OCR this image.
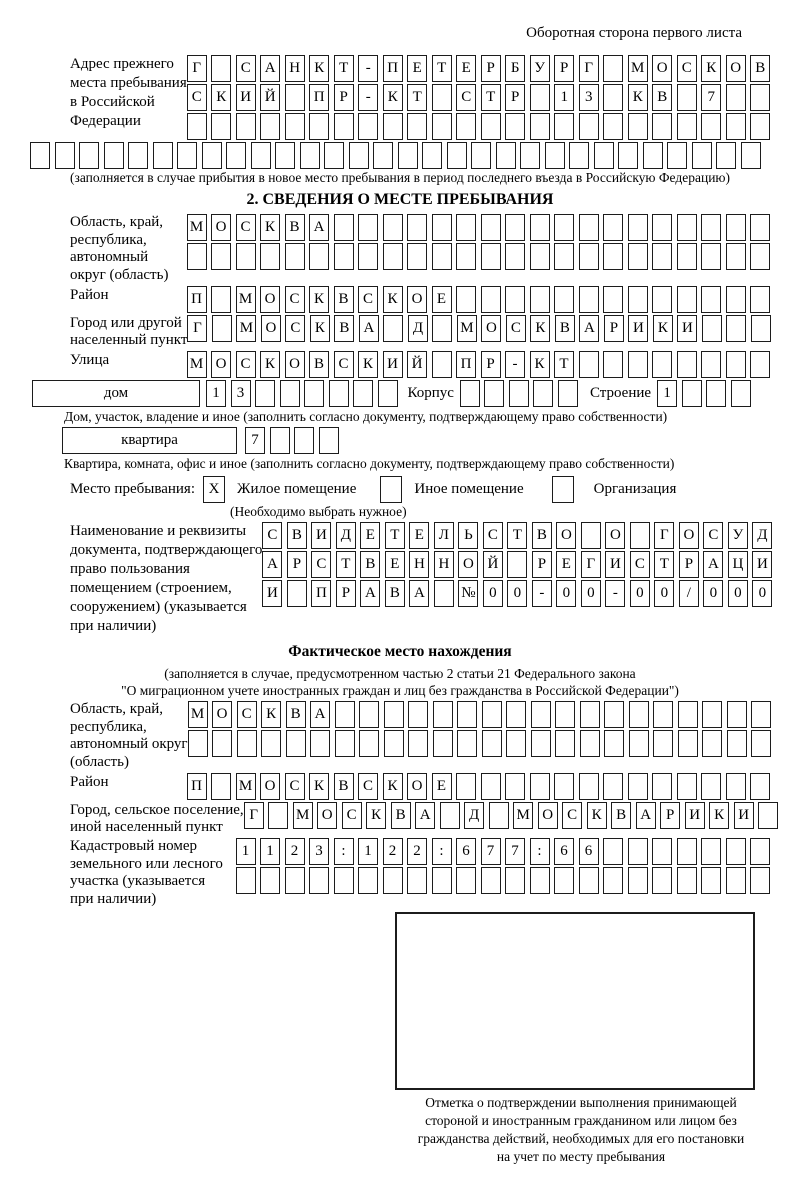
Оборотная сторона первого листа
Адрес прежнего
места пребывания
в Российской
Федерации
Г	С А Н К Т	-	П Е	Т	Е	Р	Б У	Р	Г	М О С К О В
С К И Й	П Р	-	К Т	С Т	Р	1	3	К В	7
(заполняется в случае прибытия в новое место пребывания в период последнего въезда в Российскую Федерацию)
2. СВЕДЕНИЯ О МЕСТЕ ПРЕБЫВАНИЯ
Область, край,
республика,
автономный
округ (область)
М О С К В А
Район	П	М О С К В С К О Е
Город или другой
населенный пункт
Г	М О С К В А	Д	М О С К В А Р И К И
Улица	М О С К О В С К И Й	П Р	-	К Т
дом	1	3	Корпус	Строение 1
Дом, участок, владение и иное (заполнить согласно документу, подтверждающему право собственности)
квартира	7
Квартира, комната, офис и иное (заполнить согласно документу, подтверждающему право собственности)
Место пребывания: X	Жилое помещение	Иное помещение	Организация
(Необходимо выбрать нужное)
Наименование и реквизиты
документа, подтверждающего
право пользования
помещением (строением,
сооружением) (указывается
при наличии)
С В И Д Е	Т	Е Л	Ь	С Т В О	О	Г О С У Д
А Р	С Т В Е Н Н О Й	Р	Е	Г И С Т	Р А Ц И
И	П Р А В А	№ 0	0	-	0	0	-	0	0	/	0	0	0
Фактическое место нахождения
(заполняется в случае, предусмотренном частью 2 статьи 21 Федерального закона
"О миграционном учете иностранных граждан и лиц без гражданства в Российской Федерации")
Область, край,
республика,
автономный округ
(область)
М О С К В А
Район	П	М О С К В С К О Е
Город, сельское поселение,
иной населенный пункт
Г	М О С К В А	Д	М О С К В А Р И К И
Кадастровый номер
земельного или лесного
участка (указывается
при наличии)
1	1	2	3	:	1	2	2	:	6	7	7	:	6	6
Отметка о подтверждении выполнения принимающей
стороной и иностранным гражданином или лицом без
гражданства действий, необходимых для его постановки
на учет по месту пребывания
